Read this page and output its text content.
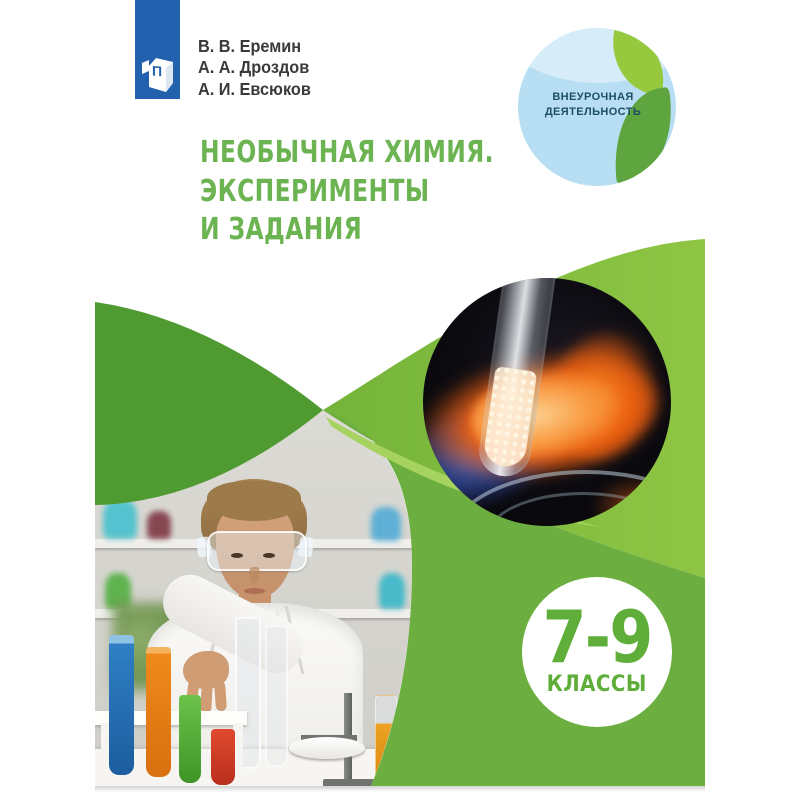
П
В. В. Еремин
А. А. Дроздов
А. И. Евсюков	ВНЕУРОЧНАЯ
ДЕЯТЕЛЬНОСТЬ
НЕОБЫЧНАЯ ХИМИЯ.
ЭКСПЕРИМЕНТЫ
И ЗАДАНИЯ
7-9
КЛАССЫ
